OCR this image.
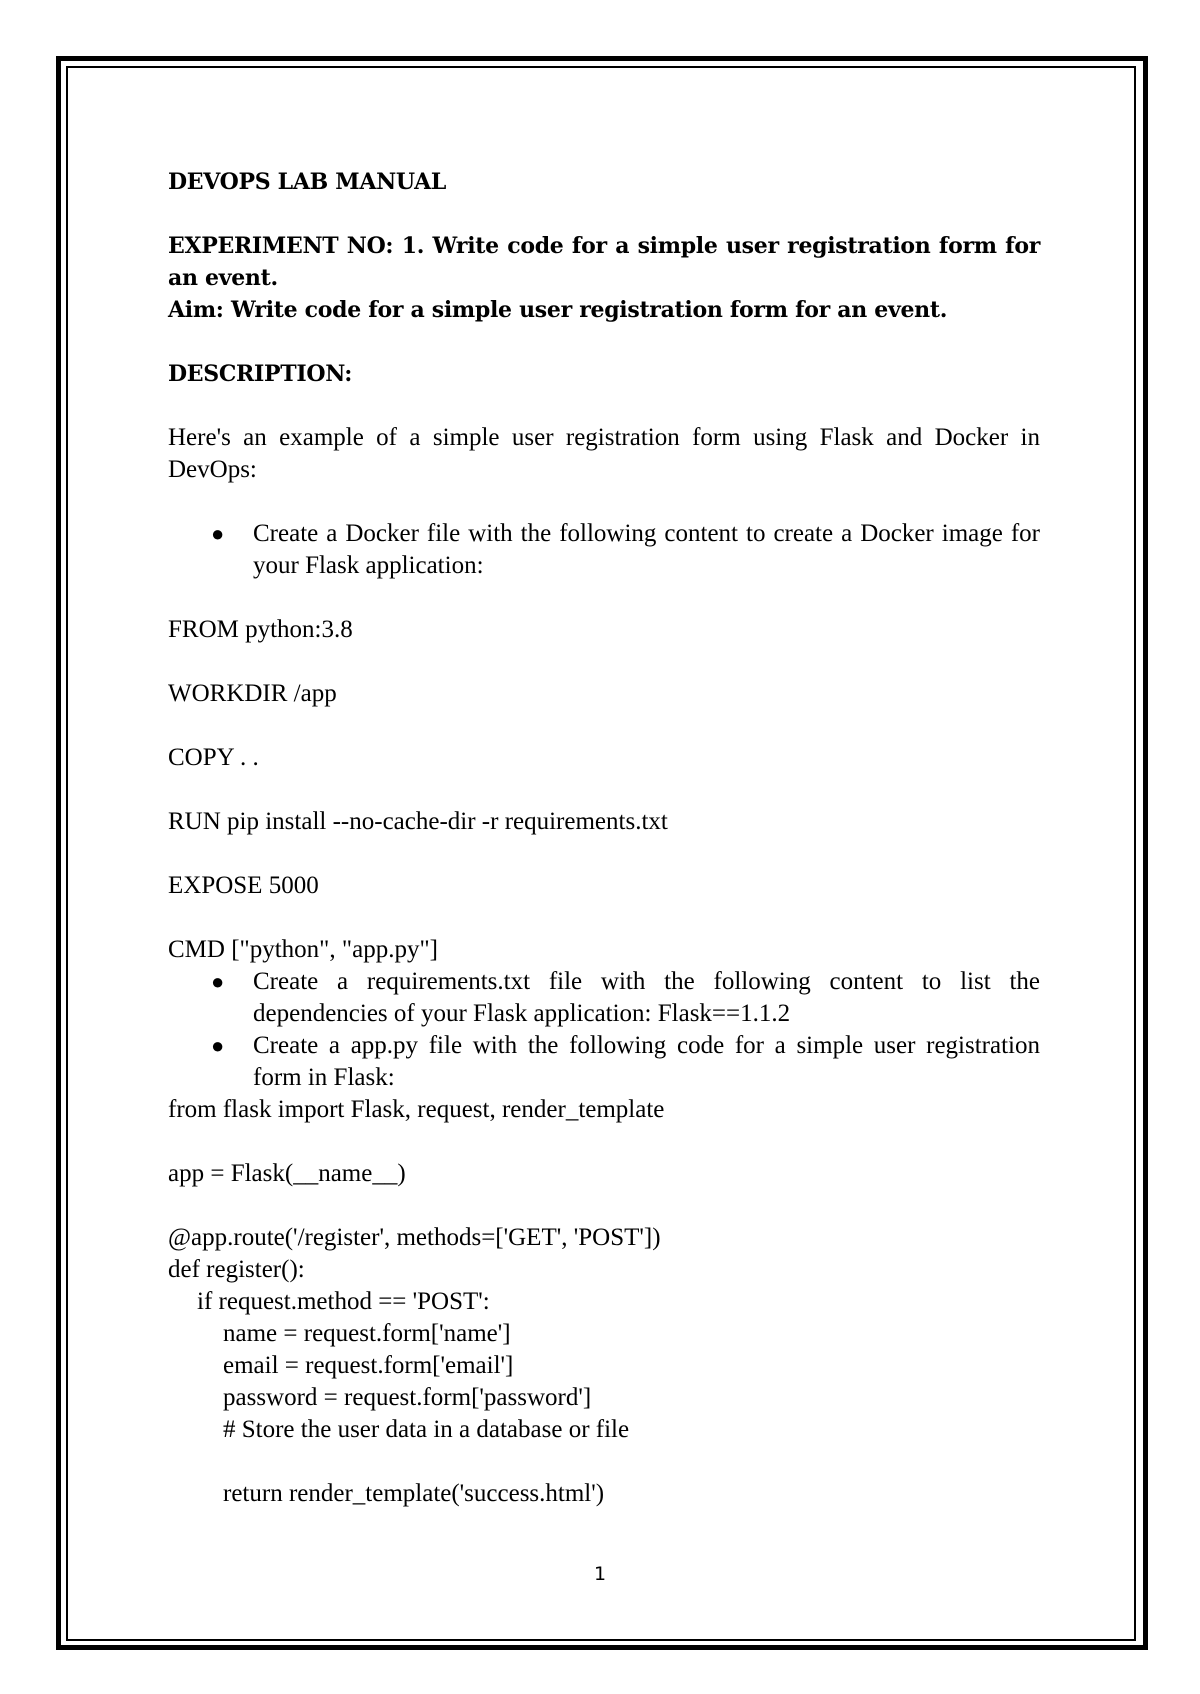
DEVOPS LAB MANUAL

EXPERIMENT NO: 1. Write code for a simple user registration form for an event.

Aim: Write code for a simple user registration form for an event.

DESCRIPTION:

Here's an example of a simple user registration form using Flask and Docker in DevOps:

● Create a Docker file with the following content to create a Docker image for your Flask application:

FROM python:3.8

WORKDIR /app

COPY . .

RUN pip install --no-cache-dir -r requirements.txt

EXPOSE 5000

CMD ["python", "app.py"]

● Create a requirements.txt file with the following content to list the dependencies of your Flask application: Flask==1.1.2
● Create a app.py file with the following code for a simple user registration form in Flask:

from flask import Flask, request, render_template

app = Flask(__name__)

@app.route('/register', methods=['GET', 'POST'])

def register():

if request.method == 'POST':

name = request.form['name']

email = request.form['email']

password = request.form['password']

# Store the user data in a database or file

return render_template('success.html')

1
